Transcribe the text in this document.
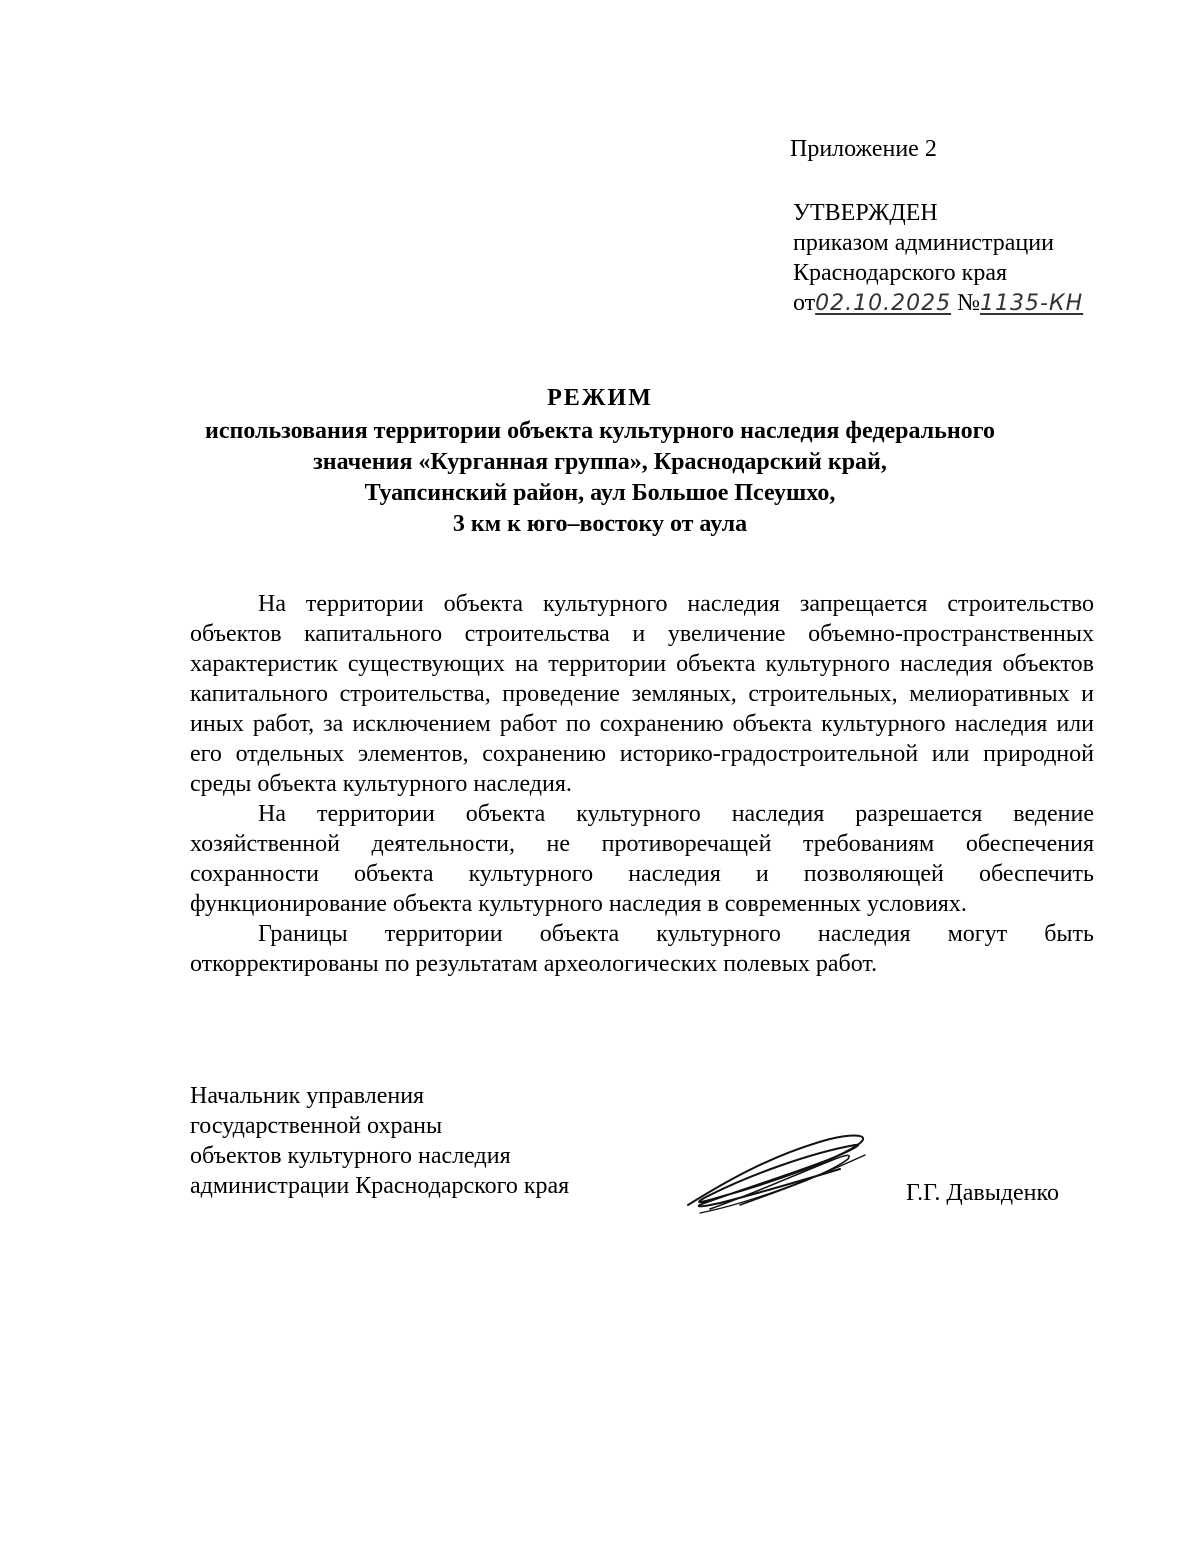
Приложение 2
УТВЕРЖДЕН
приказом администрации
Краснодарского края
от02.10.2025 №1135-КН
РЕЖИМ
использования территории объекта культурного наследия федерального
значения «Курганная группа», Краснодарский край,
Туапсинский район, аул Большое Псеушхо,
3 км к юго–востоку от аула

На территории объекта культурного наследия запрещается строительство объектов капитального строительства и увеличение объемно-пространственных характеристик существующих на территории объекта культурного наследия объектов капитального строительства, проведение земляных, строительных, мелиоративных и иных работ, за исключением работ по сохранению объекта культурного наследия или его отдельных элементов, сохранению историко-градостроительной или природной среды объекта культурного наследия.

На территории объекта культурного наследия разрешается ведение хозяйственной деятельности, не противоречащей требованиям обеспечения сохранности объекта культурного наследия и позволяющей обеспечить функционирование объекта культурного наследия в современных условиях.

Границы территории объекта культурного наследия могут быть откорректированы по результатам археологических полевых работ.

Начальник управления
государственной охраны
объектов культурного наследия
администрации Краснодарского края	Г.Г. Давыденко
